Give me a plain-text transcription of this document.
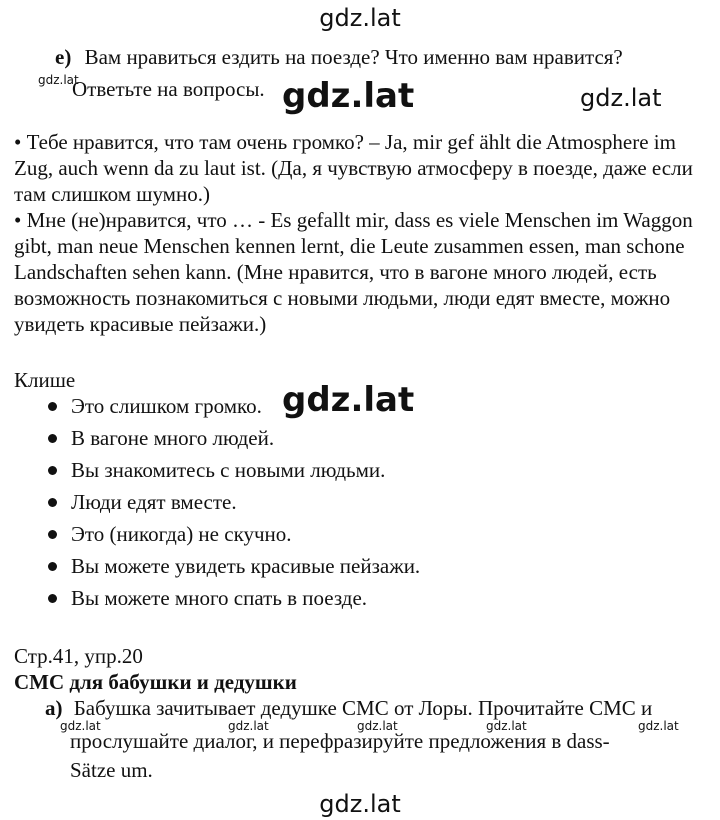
gdz.lat
gdz.lat	gdz.lat	gdz.lat
e) Вам нравиться ездить на поезде? Что именно вам нравится?
Ответьте на вопросы.
• Тебе нравится, что там очень громко? – Ja, mir gef ählt die Atmosphere im Zug, auch wenn da zu laut ist. (Да, я чувствую атмосферу в поезде, даже если там слишком шумно.)
• Мне (не)нравится, что … - Es gefallt mir, dass es viele Menschen im Waggon gibt, man neue Menschen kennen lernt, die Leute zusammen essen, man schone Landschaften sehen kann. (Мне нравится, что в вагоне много людей, есть возможность познакомиться с новыми людьми, люди едят вместе, можно увидеть красивые пейзажи.)
Клише
Это слишком громко.
В вагоне много людей.
Вы знакомитесь с новыми людьми.
Люди едят вместе.
Это (никогда) не скучно.
Вы можете увидеть красивые пейзажи.
Вы можете много спать в поезде.
gdz.lat
Стр.41, упр.20
СМС для бабушки и дедушки
а) Бабушка зачитывает дедушке СМС от Лоры. Прочитайте СМС и
прослушайте диалог, и перефразируйте предложения в dass-
Sätze um.
gdz.lat	gdz.lat	gdz.lat	gdz.lat	gdz.lat
gdz.lat
